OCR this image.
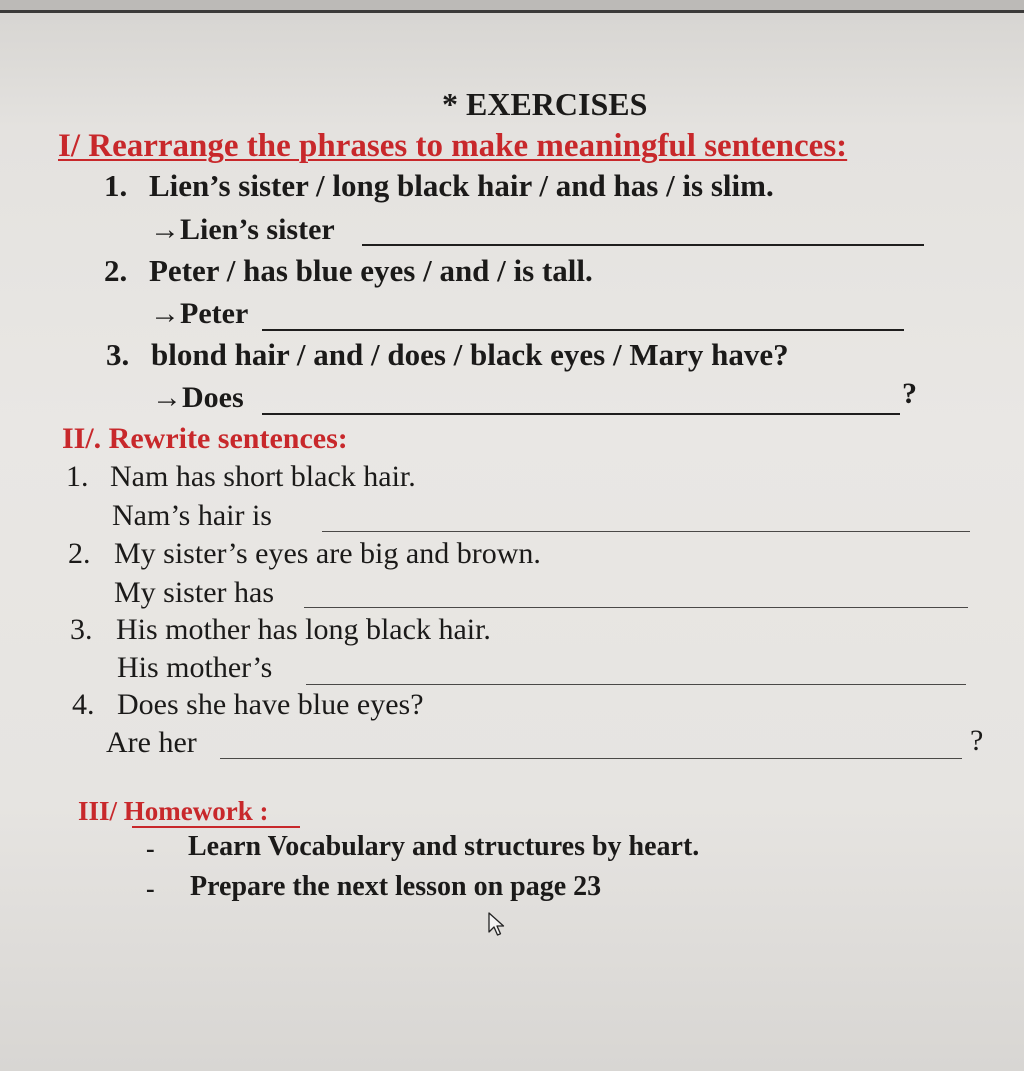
* EXERCISES
I/ Rearrange the phrases to make meaningful sentences:
1. Lien’s sister / long black hair / and has / is slim.
→Lien’s sister
2. Peter / has blue eyes / and / is tall.
→Peter
3. blond hair / and / does / black eyes / Mary have?
→Does	?
II/. Rewrite sentences:
1. Nam has short black hair.
Nam’s hair is
2. My sister’s eyes are big and brown.
My sister has
3. His mother has long black hair.
His mother’s
4. Does she have blue eyes?
Are her	?
III/ Homework :
- Learn Vocabulary and structures by heart.
- Prepare the next lesson on page 23
